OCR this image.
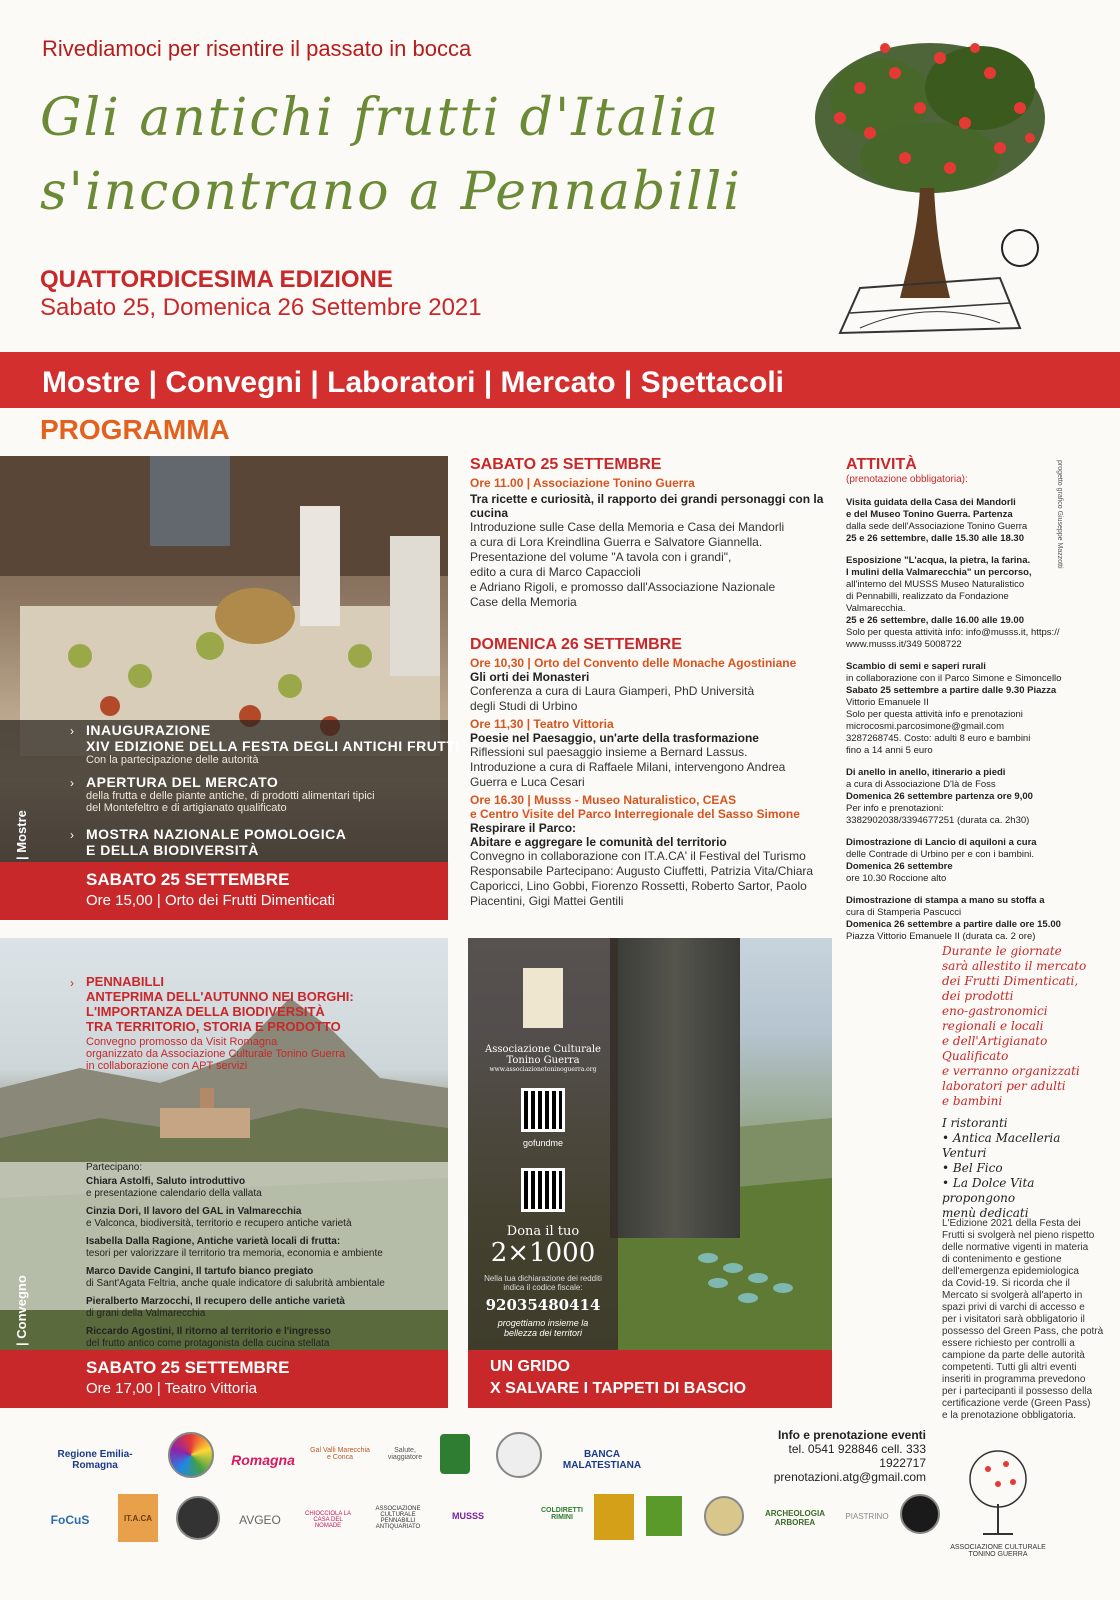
Rivediamoci per risentire il passato in bocca
Gli antichi frutti d'Italia
s'incontrano a Pennabilli
QUATTORDICESIMA EDIZIONE
Sabato 25, Domenica 26 Settembre 2021
Mostre | Convegni | Laboratori | Mercato | Spettacoli
PROGRAMMA
| Mostre
› INAUGURAZIONE
XIV EDIZIONE DELLA FESTA DEGLI ANTICHI FRUTTI
Con la partecipazione delle autorità
› APERTURA DEL MERCATO
della frutta e delle piante antiche, di prodotti alimentari tipici
del Montefeltro e di artigianato qualificato
› MOSTRA NAZIONALE POMOLOGICA
E DELLA BIODIVERSITÀ
SABATO 25 SETTEMBRE
Ore 15,00 | Orto dei Frutti Dimenticati
SABATO 25 SETTEMBRE
Ore 11.00 | Associazione Tonino Guerra
Tra ricette e curiosità, il rapporto dei grandi personaggi con la cucina
Introduzione sulle Case della Memoria e Casa dei Mandorli
a cura di Lora Kreindlina Guerra e Salvatore Giannella.
Presentazione del volume "A tavola con i grandi",
edito a cura di Marco Capaccioli
e Adriano Rigoli, e promosso dall'Associazione Nazionale
Case della Memoria
DOMENICA 26 SETTEMBRE
Ore 10,30 | Orto del Convento delle Monache Agostiniane
Gli orti dei Monasteri
Conferenza a cura di Laura Giamperi, PhD Università
degli Studi di Urbino
Ore 11,30 | Teatro Vittoria
Poesie nel Paesaggio, un'arte della trasformazione
Riflessioni sul paesaggio insieme a Bernard Lassus.
Introduzione a cura di Raffaele Milani, intervengono Andrea
Guerra e Luca Cesari
Ore 16.30 | Musss - Museo Naturalistico, CEAS
e Centro Visite del Parco Interregionale del Sasso Simone
Respirare il Parco:
Abitare e aggregare le comunità del territorio
Convegno in collaborazione con IT.A.CA' il Festival del Turismo
Responsabile Partecipano: Augusto Ciuffetti, Patrizia Vita/Chiara
Caporicci, Lino Gobbi, Fiorenzo Rossetti, Roberto Sartor, Paolo
Piacentini, Gigi Mattei Gentili
ATTIVITÀ
(prenotazione obbligatoria):
Visita guidata della Casa dei Mandorli
e del Museo Tonino Guerra. Partenza
dalla sede dell'Associazione Tonino Guerra
25 e 26 settembre, dalle 15.30 alle 18.30
Esposizione "L'acqua, la pietra, la farina.
I mulini della Valmarecchia" un percorso,
all'interno del MUSSS Museo Naturalistico
di Pennabilli, realizzato da Fondazione Valmarecchia.
25 e 26 settembre, dalle 16.00 alle 19.00
Solo per questa attività info: info@musss.it, https://
www.musss.it/349 5008722
Scambio di semi e saperi rurali
in collaborazione con il Parco Simone e Simoncello
Sabato 25 settembre a partire dalle 9.30 Piazza
Vittorio Emanuele II
Solo per questa attività info e prenotazioni
microcosmi.parcosimone@gmail.com
3287268745. Costo: adulti 8 euro e bambini
fino a 14 anni 5 euro
Di anello in anello, itinerario a piedi
a cura di Associazione D'là de Foss
Domenica 26 settembre partenza ore 9,00
Per info e prenotazioni:
3382902038/3394677251 (durata ca. 2h30)
Dimostrazione di Lancio di aquiloni a cura
delle Contrade di Urbino per e con i bambini.
Domenica 26 settembre
ore 10.30 Roccione alto
Dimostrazione di stampa a mano su stoffa a
cura di Stamperia Pascucci
Domenica 26 settembre a partire dalle ore 15.00
Piazza Vittorio Emanuele II (durata ca. 2 ore)
progetto grafico Giuseppe Mazzotti
| Convegno
› PENNABILLI
ANTEPRIMA DELL'AUTUNNO NEI BORGHI:
L'IMPORTANZA DELLA BIODIVERSITÀ
TRA TERRITORIO, STORIA E PRODOTTO
Convegno promosso da Visit Romagna
organizzato da Associazione Culturale Tonino Guerra
in collaborazione con APT servizi
Partecipano:
Chiara Astolfi, Saluto introduttivo
e presentazione calendario della vallata
Cinzia Dori, Il lavoro del GAL in Valmarecchia
e Valconca, biodiversità, territorio e recupero antiche varietà
Isabella Dalla Ragione, Antiche varietà locali di frutta:
tesori per valorizzare il territorio tra memoria, economia e ambiente
Marco Davide Cangini, Il tartufo bianco pregiato
di Sant'Agata Feltria, anche quale indicatore di salubrità ambientale
Pieralberto Marzocchi, Il recupero delle antiche varietà
di grani della Valmarecchia
Riccardo Agostini, Il ritorno al territorio e l'ingresso
del frutto antico come protagonista della cucina stellata
SABATO 25 SETTEMBRE
Ore 17,00 | Teatro Vittoria
Associazione Culturale
Tonino Guerra
www.associazionetoninoguerra.org
gofundme
Dona il tuo
2×1000
Nella tua dichiarazione dei redditi indica il codice fiscale:
92035480414
progettiamo insieme la bellezza dei territori
UN GRIDO
X SALVARE I TAPPETI DI BASCIO
Durante le giornate
sarà allestito il mercato
dei Frutti Dimenticati,
dei prodotti
eno-gastronomici
regionali e locali
e dell'Artigianato
Qualificato
e verranno organizzati
laboratori per adulti
e bambini
I ristoranti
• Antica Macelleria Venturi
• Bel Fico
• La Dolce Vita
propongono
menù dedicati
L'Edizione 2021 della Festa dei
Frutti si svolgerà nel pieno rispetto
delle normative vigenti in materia
di contenimento e gestione
dell'emergenza epidemiologica
da Covid-19. Si ricorda che il
Mercato si svolgerà all'aperto in
spazi privi di varchi di accesso e
per i visitatori sarà obbligatorio il
possesso del Green Pass, che potrà
essere richiesto per controlli a
campione da parte delle autorità
competenti. Tutti gli altri eventi
inseriti in programma prevedono
per i partecipanti il possesso della
certificazione verde (Green Pass)
e la prenotazione obbligatoria.
Info e prenotazione eventi
tel. 0541 928846 cell. 333 1922717
prenotazioni.atg@gmail.com
Regione Emilia-Romagna	Romagna
Gal Valli Marecchia e Conca
Salute, viaggiatore	BANCA MALATESTIANA
FoCuS	IT.A.CA	AVGEO	CHIOCCIOLA LA CASA DEL NOMADE
ASSOCIAZIONE CULTURALE PENNABILLI ANTIQUARIATO
MUSSS
COLDIRETTI RIMINI	ARCHEOLOGIA ARBOREA
PIASTRINO
ASSOCIAZIONE CULTURALE TONINO GUERRA
